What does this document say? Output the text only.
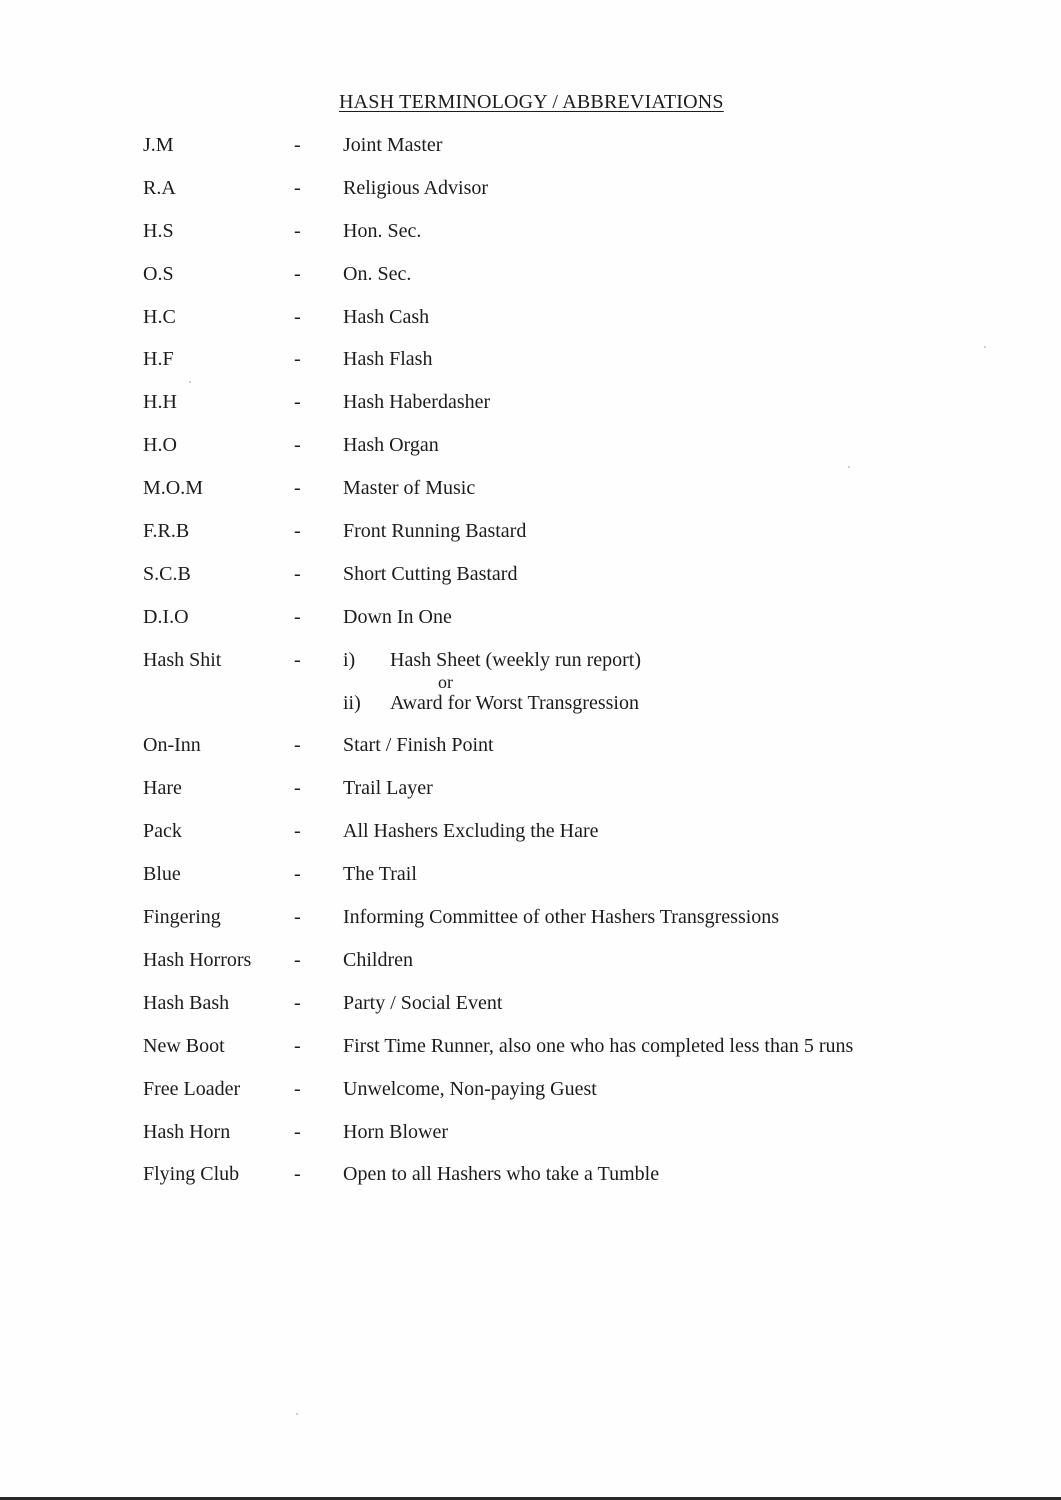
HASH TERMINOLOGY / ABBREVIATIONS
J.M	- Joint Master
R.A	- Religious Advisor
H.S	- Hon. Sec.
O.S	- On. Sec.
H.C	- Hash Cash
H.F	- Hash Flash
H.H	- Hash Haberdasher
H.O	- Hash Organ
M.O.M	- Master of Music
F.R.B	- Front Running Bastard
S.C.B	- Short Cutting Bastard
D.I.O	- Down In One
Hash Shit	- i) Hash Sheet (weekly run report)
or
ii) Award for Worst Transgression
On-Inn	- Start / Finish Point
Hare	- Trail Layer
Pack	- All Hashers Excluding the Hare
Blue	- The Trail
Fingering	- Informing Committee of other Hashers Transgressions
Hash Horrors - Children
Hash Bash	- Party / Social Event
New Boot	- First Time Runner, also one who has completed less than 5 runs
Free Loader	- Unwelcome, Non-paying Guest
Hash Horn	- Horn Blower
Flying Club	- Open to all Hashers who take a Tumble
